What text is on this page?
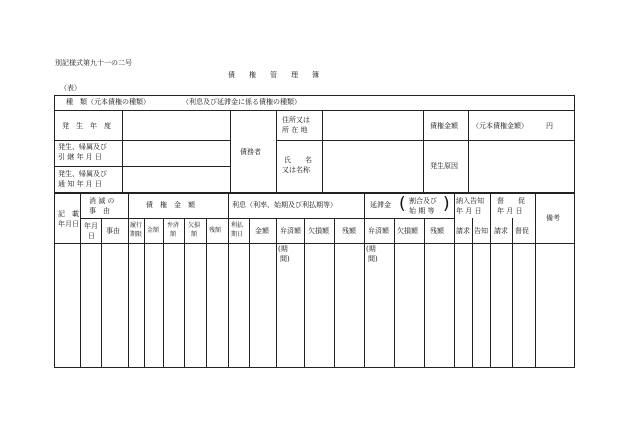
別記様式第九十一の二号
債　　権　　管　　理　　簿
（表）
種　類（元本債権の種類）	（利息及び延滞金に係る債権の種類）
発　生　年　度
発生、帰属及び
引 継 年 月 日
発生、帰属及び
通 知 年 月 日
債務者
住所又は
所 在 地
氏　　名
又は名称
債権金額 （元本債権金額）	円
発生原因
記　載
年月日
消 滅 の
事　由
年月
日
事由
債　権　金　額
履行
期限
金額
弁済
額
欠損
額
残額
利息（利率、始期及び利払期等）
利払
期日 金額 弁済額 欠損額 残額
延滞金 ( 割合及び
始 期 等 )
弁済額 欠損額 残額
納入告知
年 月 日
請求 告知
督　　促
年 月 日
請求 督促
備考
(期
間)
(期
間)
